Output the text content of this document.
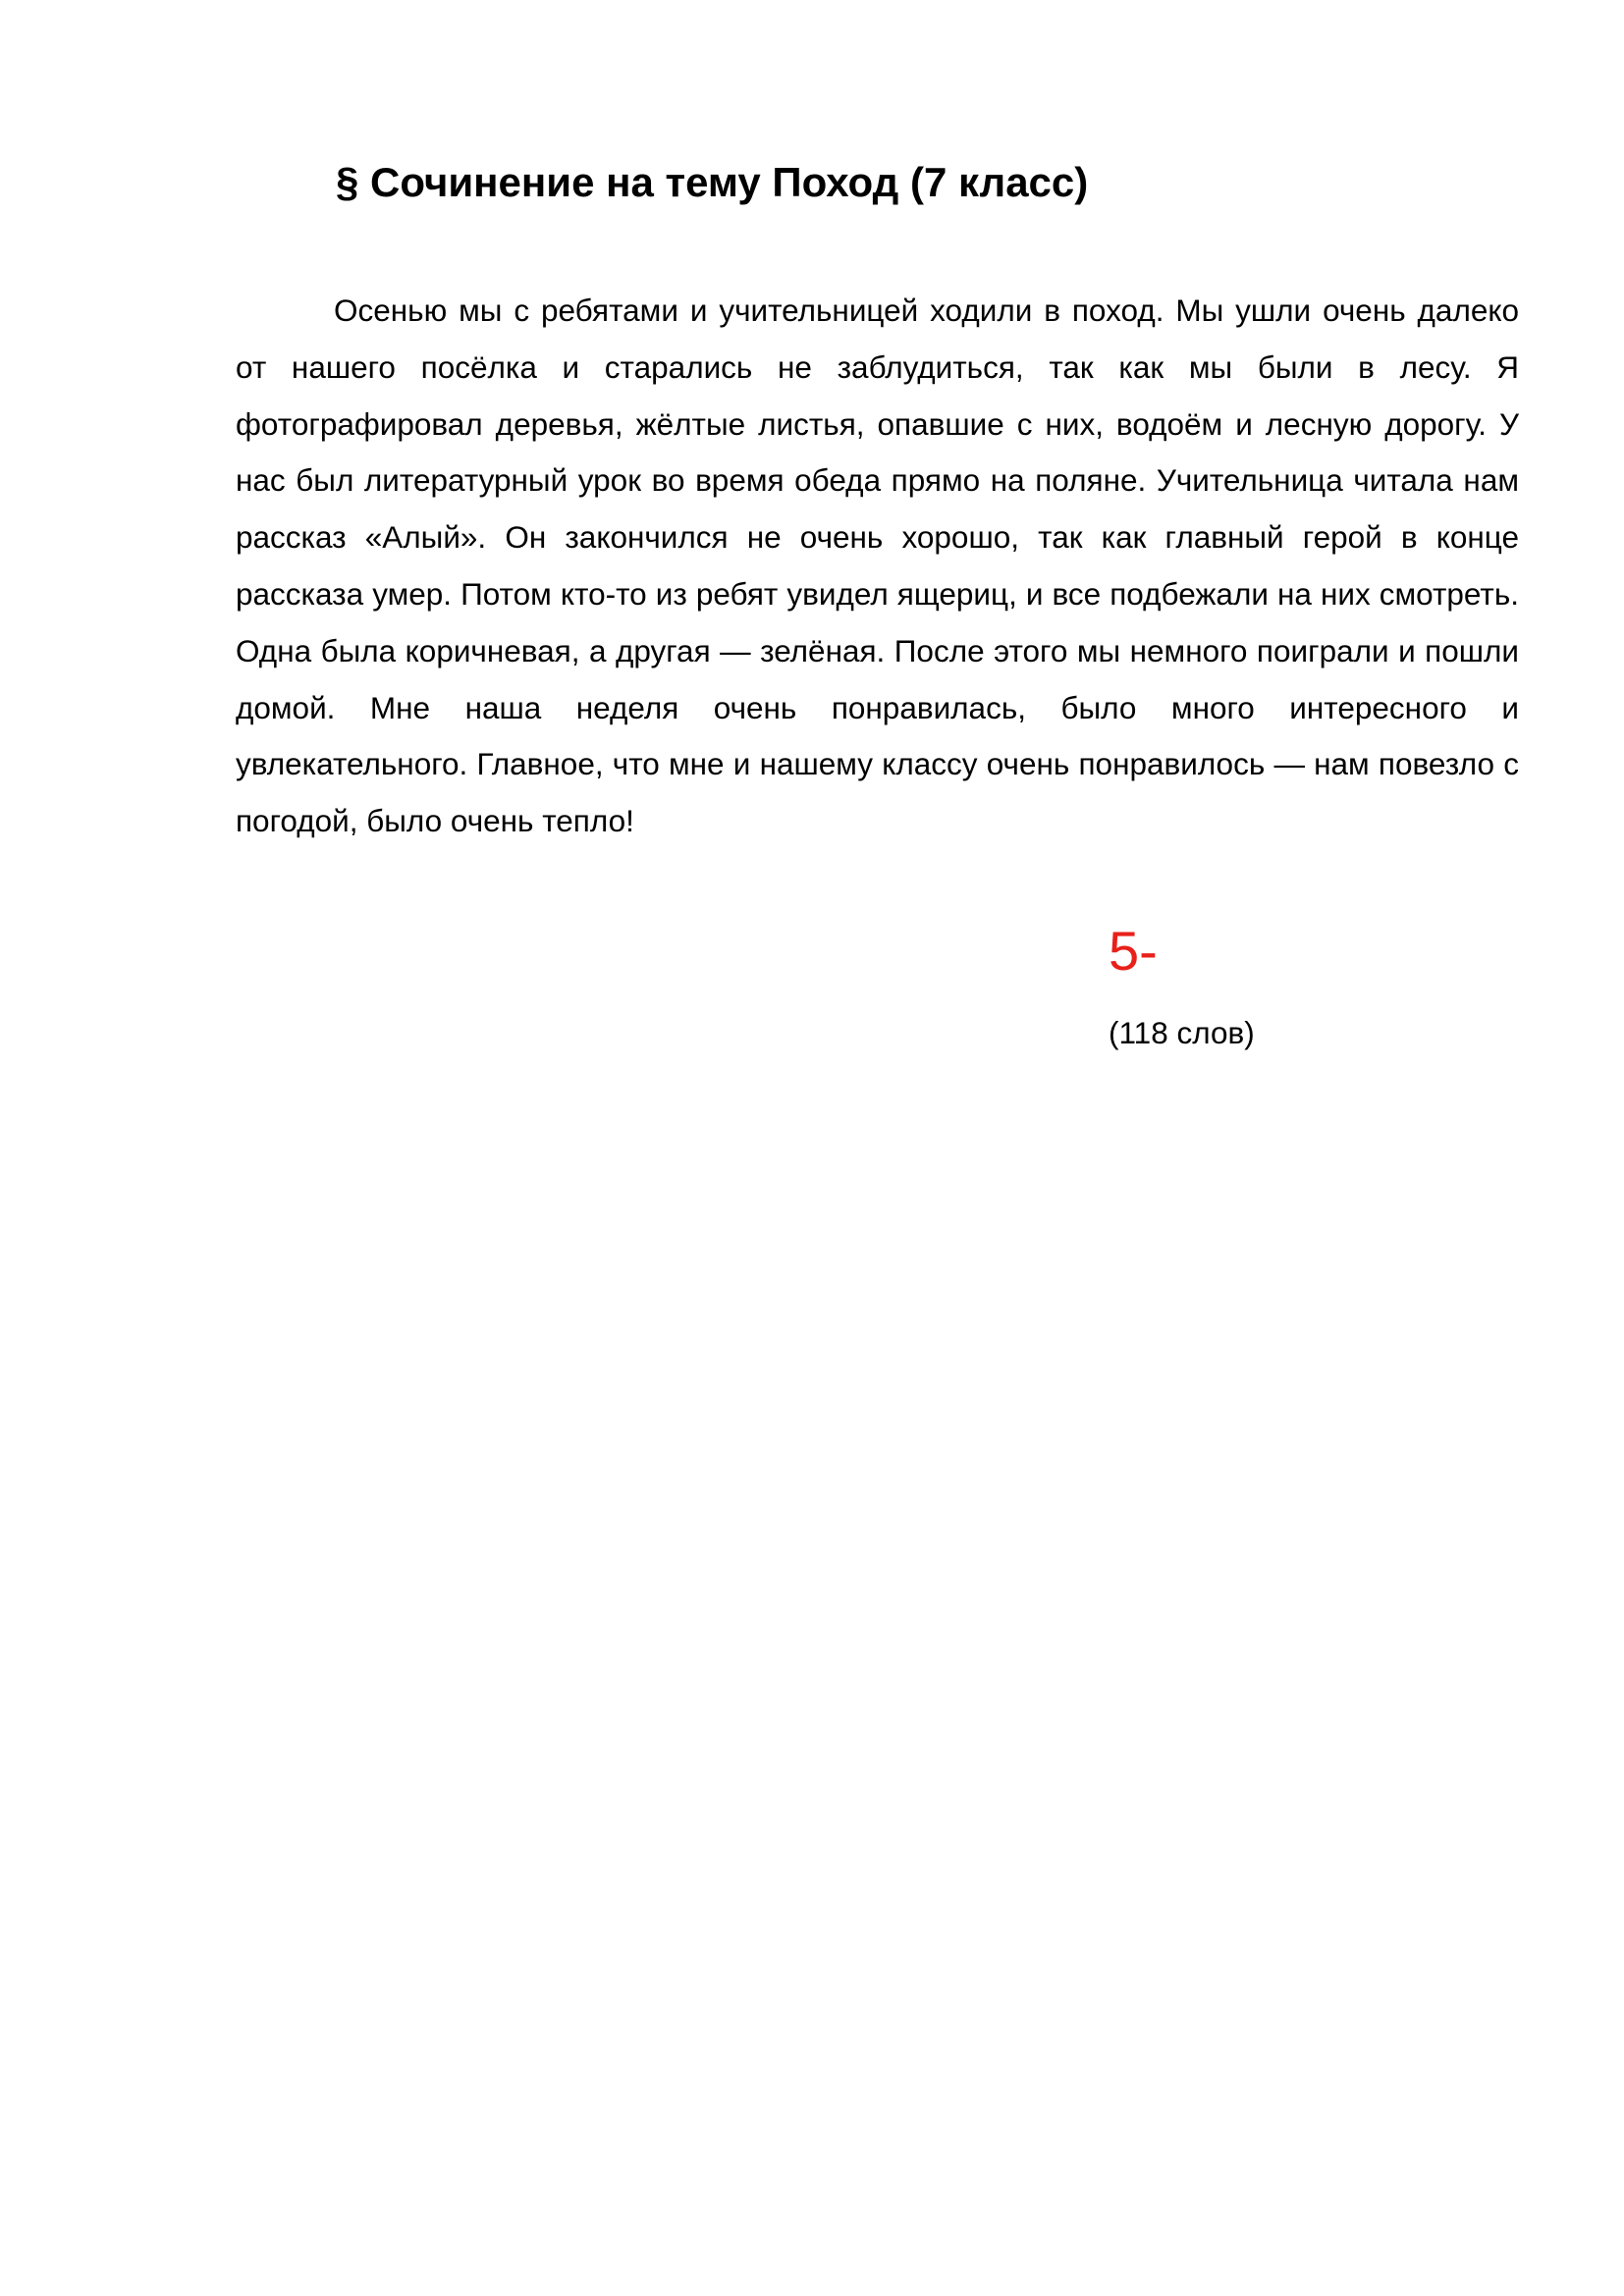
§ Сочинение на тему Поход (7 класс)

Осенью мы с ребятами и учительницей ходили в поход. Мы ушли очень далеко от нашего посёлка и старались не заблудиться, так как мы были в лесу. Я фотографировал деревья, жёлтые листья, опавшие с них, водоём и лесную дорогу. У нас был литературный урок во время обеда прямо на поляне. Учительница читала нам рассказ «Алый». Он закончился не очень хорошо, так как главный герой в конце рассказа умер. Потом кто-то из ребят увидел ящериц, и все подбежали на них смотреть. Одна была коричневая, а другая — зелёная. После этого мы немного поиграли и пошли домой. Мне наша неделя очень понравилась, было много интересного и увлекательного. Главное, что мне и нашему классу очень понравилось — нам повезло с погодой, было очень тепло!

5-
(118 слов)
